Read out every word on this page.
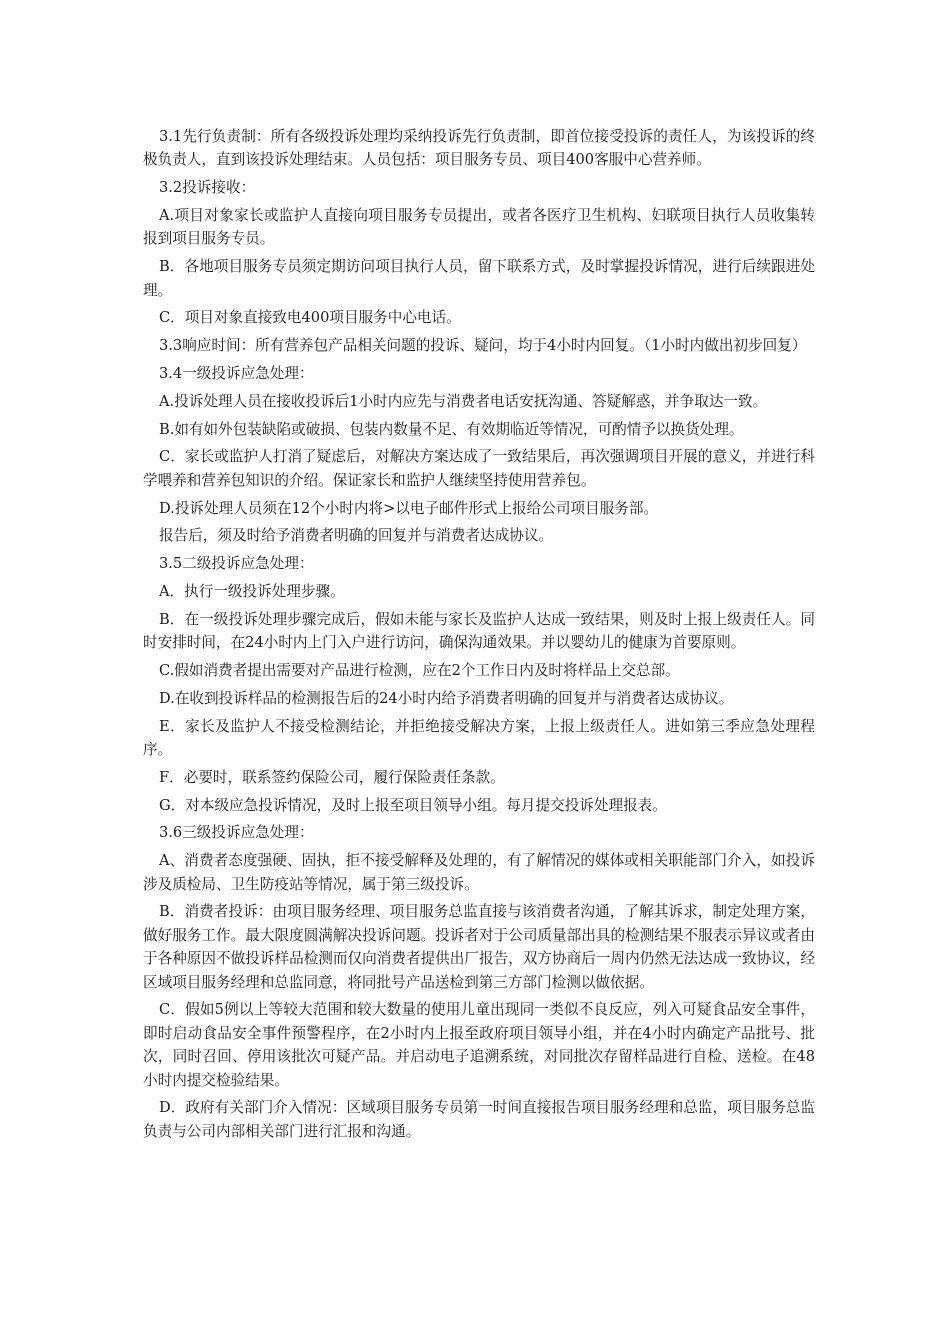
3.1先行负责制：所有各级投诉处理均采纳投诉先行负责制，即首位接受投诉的责任人，为该投诉的终极负责人，直到该投诉处理结束。人员包括：项目服务专员、项目400客服中心营养师。

3.2投诉接收：

A.项目对象家长或监护人直接向项目服务专员提出，或者各医疗卫生机构、妇联项目执行人员收集转报到项目服务专员。

B．各地项目服务专员须定期访问项目执行人员，留下联系方式，及时掌握投诉情况，进行后续跟进处理。

C．项目对象直接致电400项目服务中心电话。

3.3响应时间：所有营养包产品相关问题的投诉、疑问，均于4小时内回复。（1小时内做出初步回复）

3.4一级投诉应急处理：

A.投诉处理人员在接收投诉后1小时内应先与消费者电话安抚沟通、答疑解惑，并争取达一致。

B.如有如外包装缺陷或破损、包装内数量不足、有效期临近等情况，可酌情予以换货处理。

C．家长或监护人打消了疑虑后，对解决方案达成了一致结果后，再次强调项目开展的意义，并进行科学喂养和营养包知识的介绍。保证家长和监护人继续坚持使用营养包。

D.投诉处理人员须在12个小时内将>以电子邮件形式上报给公司项目服务部。

报告后，须及时给予消费者明确的回复并与消费者达成协议。

3.5二级投诉应急处理：

A．执行一级投诉处理步骤。

B．在一级投诉处理步骤完成后，假如未能与家长及监护人达成一致结果，则及时上报上级责任人。同时安排时间，在24小时内上门入户进行访问，确保沟通效果。并以婴幼儿的健康为首要原则。

C.假如消费者提出需要对产品进行检测，应在2个工作日内及时将样品上交总部。

D.在收到投诉样品的检测报告后的24小时内给予消费者明确的回复并与消费者达成协议。

E．家长及监护人不接受检测结论，并拒绝接受解决方案，上报上级责任人。进如第三季应急处理程序。

F．必要时，联系签约保险公司，履行保险责任条款。

G．对本级应急投诉情况，及时上报至项目领导小组。每月提交投诉处理报表。

3.6三级投诉应急处理：

A、消费者态度强硬、固执，拒不接受解释及处理的，有了解情况的媒体或相关职能部门介入，如投诉涉及质检局、卫生防疫站等情况，属于第三级投诉。

B．消费者投诉：由项目服务经理、项目服务总监直接与该消费者沟通，了解其诉求，制定处理方案，做好服务工作。最大限度圆满解决投诉问题。投诉者对于公司质量部出具的检测结果不服表示异议或者由于各种原因不做投诉样品检测而仅向消费者提供出厂报告，双方协商后一周内仍然无法达成一致协议，经区域项目服务经理和总监同意，将同批号产品送检到第三方部门检测以做依据。

C．假如5例以上等较大范围和较大数量的使用儿童出现同一类似不良反应，列入可疑食品安全事件，即时启动食品安全事件预警程序，在2小时内上报至政府项目领导小组，并在4小时内确定产品批号、批次，同时召回、停用该批次可疑产品。并启动电子追溯系统，对同批次存留样品进行自检、送检。在48小时内提交检验结果。

D．政府有关部门介入情况：区域项目服务专员第一时间直接报告项目服务经理和总监，项目服务总监负责与公司内部相关部门进行汇报和沟通。
